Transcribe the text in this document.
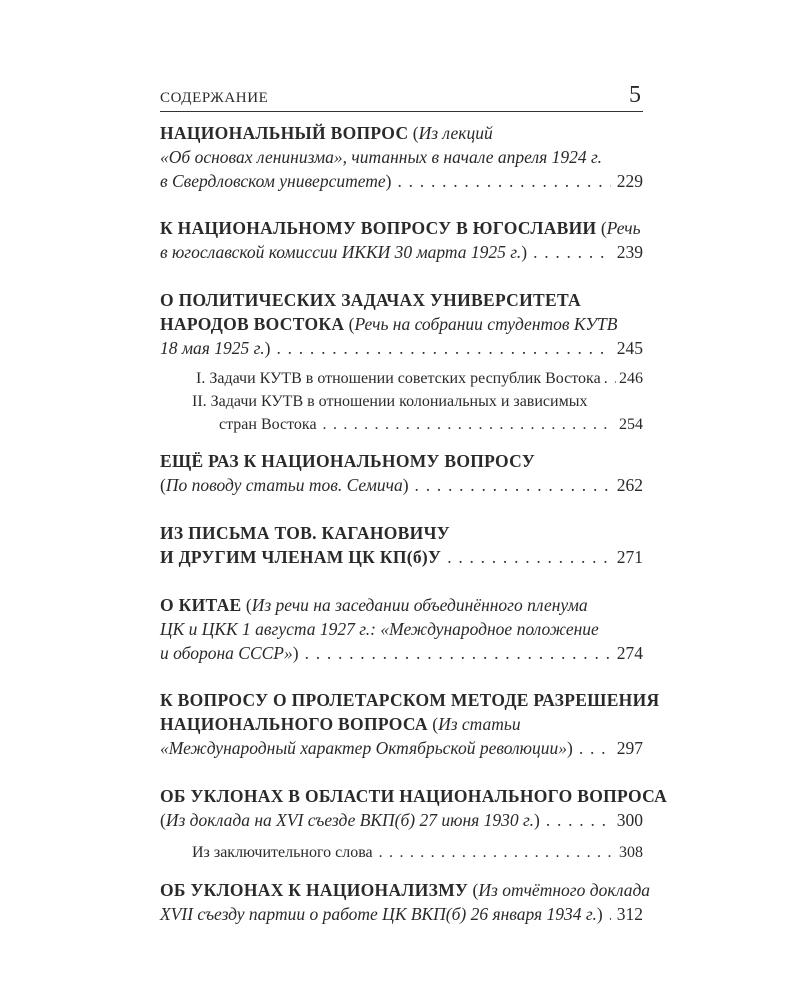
СОДЕРЖАНИЕ	5
НАЦИОНАЛЬНЫЙ ВОПРОС (Из лекций
«Об основах ленинизма», читанных в начале апреля 1924 г.
в Свердловском университете) . . .	229
К НАЦИОНАЛЬНОМУ ВОПРОСУ В ЮГОСЛАВИИ (Речь
в югославской комиссии ИККИ 30 марта 1925 г.) . . .	239
О ПОЛИТИЧЕСКИХ ЗАДАЧАХ УНИВЕРСИТЕТА
НАРОДОВ ВОСТОКА (Речь на собрании студентов КУТВ
18 мая 1925 г.) . . .	245
I. Задачи КУТВ в отношении советских республик Востока . . . 246
II. Задачи КУТВ в отношении колониальных и зависимых
стран Востока . . .	254
ЕЩЁ РАЗ К НАЦИОНАЛЬНОМУ ВОПРОСУ
(По поводу статьи тов. Семича) . . .	262
ИЗ ПИСЬМА ТОВ. КАГАНОВИЧУ
И ДРУГИМ ЧЛЕНАМ ЦК КП(б)У . . .	271
О КИТАЕ (Из речи на заседании объединённого пленума
ЦК и ЦКК 1 августа 1927 г.: «Международное положение
и оборона СССР») . . .	274
К ВОПРОСУ О ПРОЛЕТАРСКОМ МЕТОДЕ РАЗРЕШЕНИЯ
НАЦИОНАЛЬНОГО ВОПРОСА (Из статьи
«Международный характер Октябрьской революции») . . .	297
ОБ УКЛОНАХ В ОБЛАСТИ НАЦИОНАЛЬНОГО ВОПРОСА
(Из доклада на XVI съезде ВКП(б) 27 июня 1930 г.) . . .	300
Из заключительного слова . . .	308
ОБ УКЛОНАХ К НАЦИОНАЛИЗМУ (Из отчётного доклада
XVII съезду партии о работе ЦК ВКП(б) 26 января 1934 г.) . . . 312
